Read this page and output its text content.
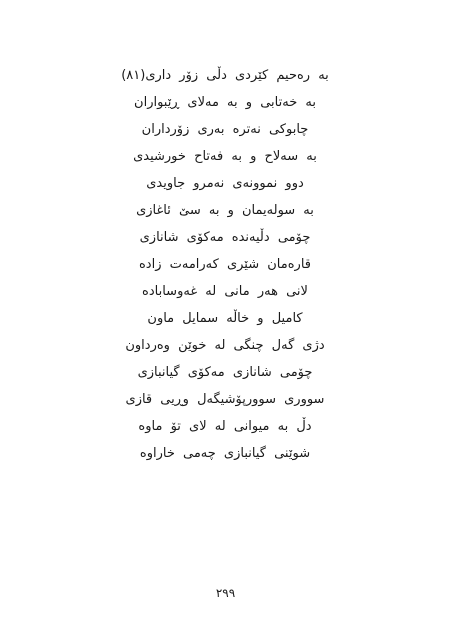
به رەحیم کێردی دڵی زۆر داری(٨١)
به خەتابی و به مەلای ڕێبواران
چابوکی نەترە بەری زۆرداران
به سەلاح و به فەتاح خورشیدی
دوو نموونەی نەمرو جاویدی
به سولەیمان و به سێ ئاغازی
چۆمی دڵیەندە مەکۆی شانازی
قارەمان شێری کەرامەت زادە
لانی هەر مانی لە غەوسابادە
کامیل و خاڵە سمایل ماون
دژی گەل چنگی لە خوێن وەرداون
چۆمی شانازی مەکۆی گیانبازی
سووری سوورپۆشیگەل وڕیی قازی
دڵ بە میوانی لە لای تۆ ماوە
شوێنی گیانبازی چەمی خاراوە
٢٩٩
